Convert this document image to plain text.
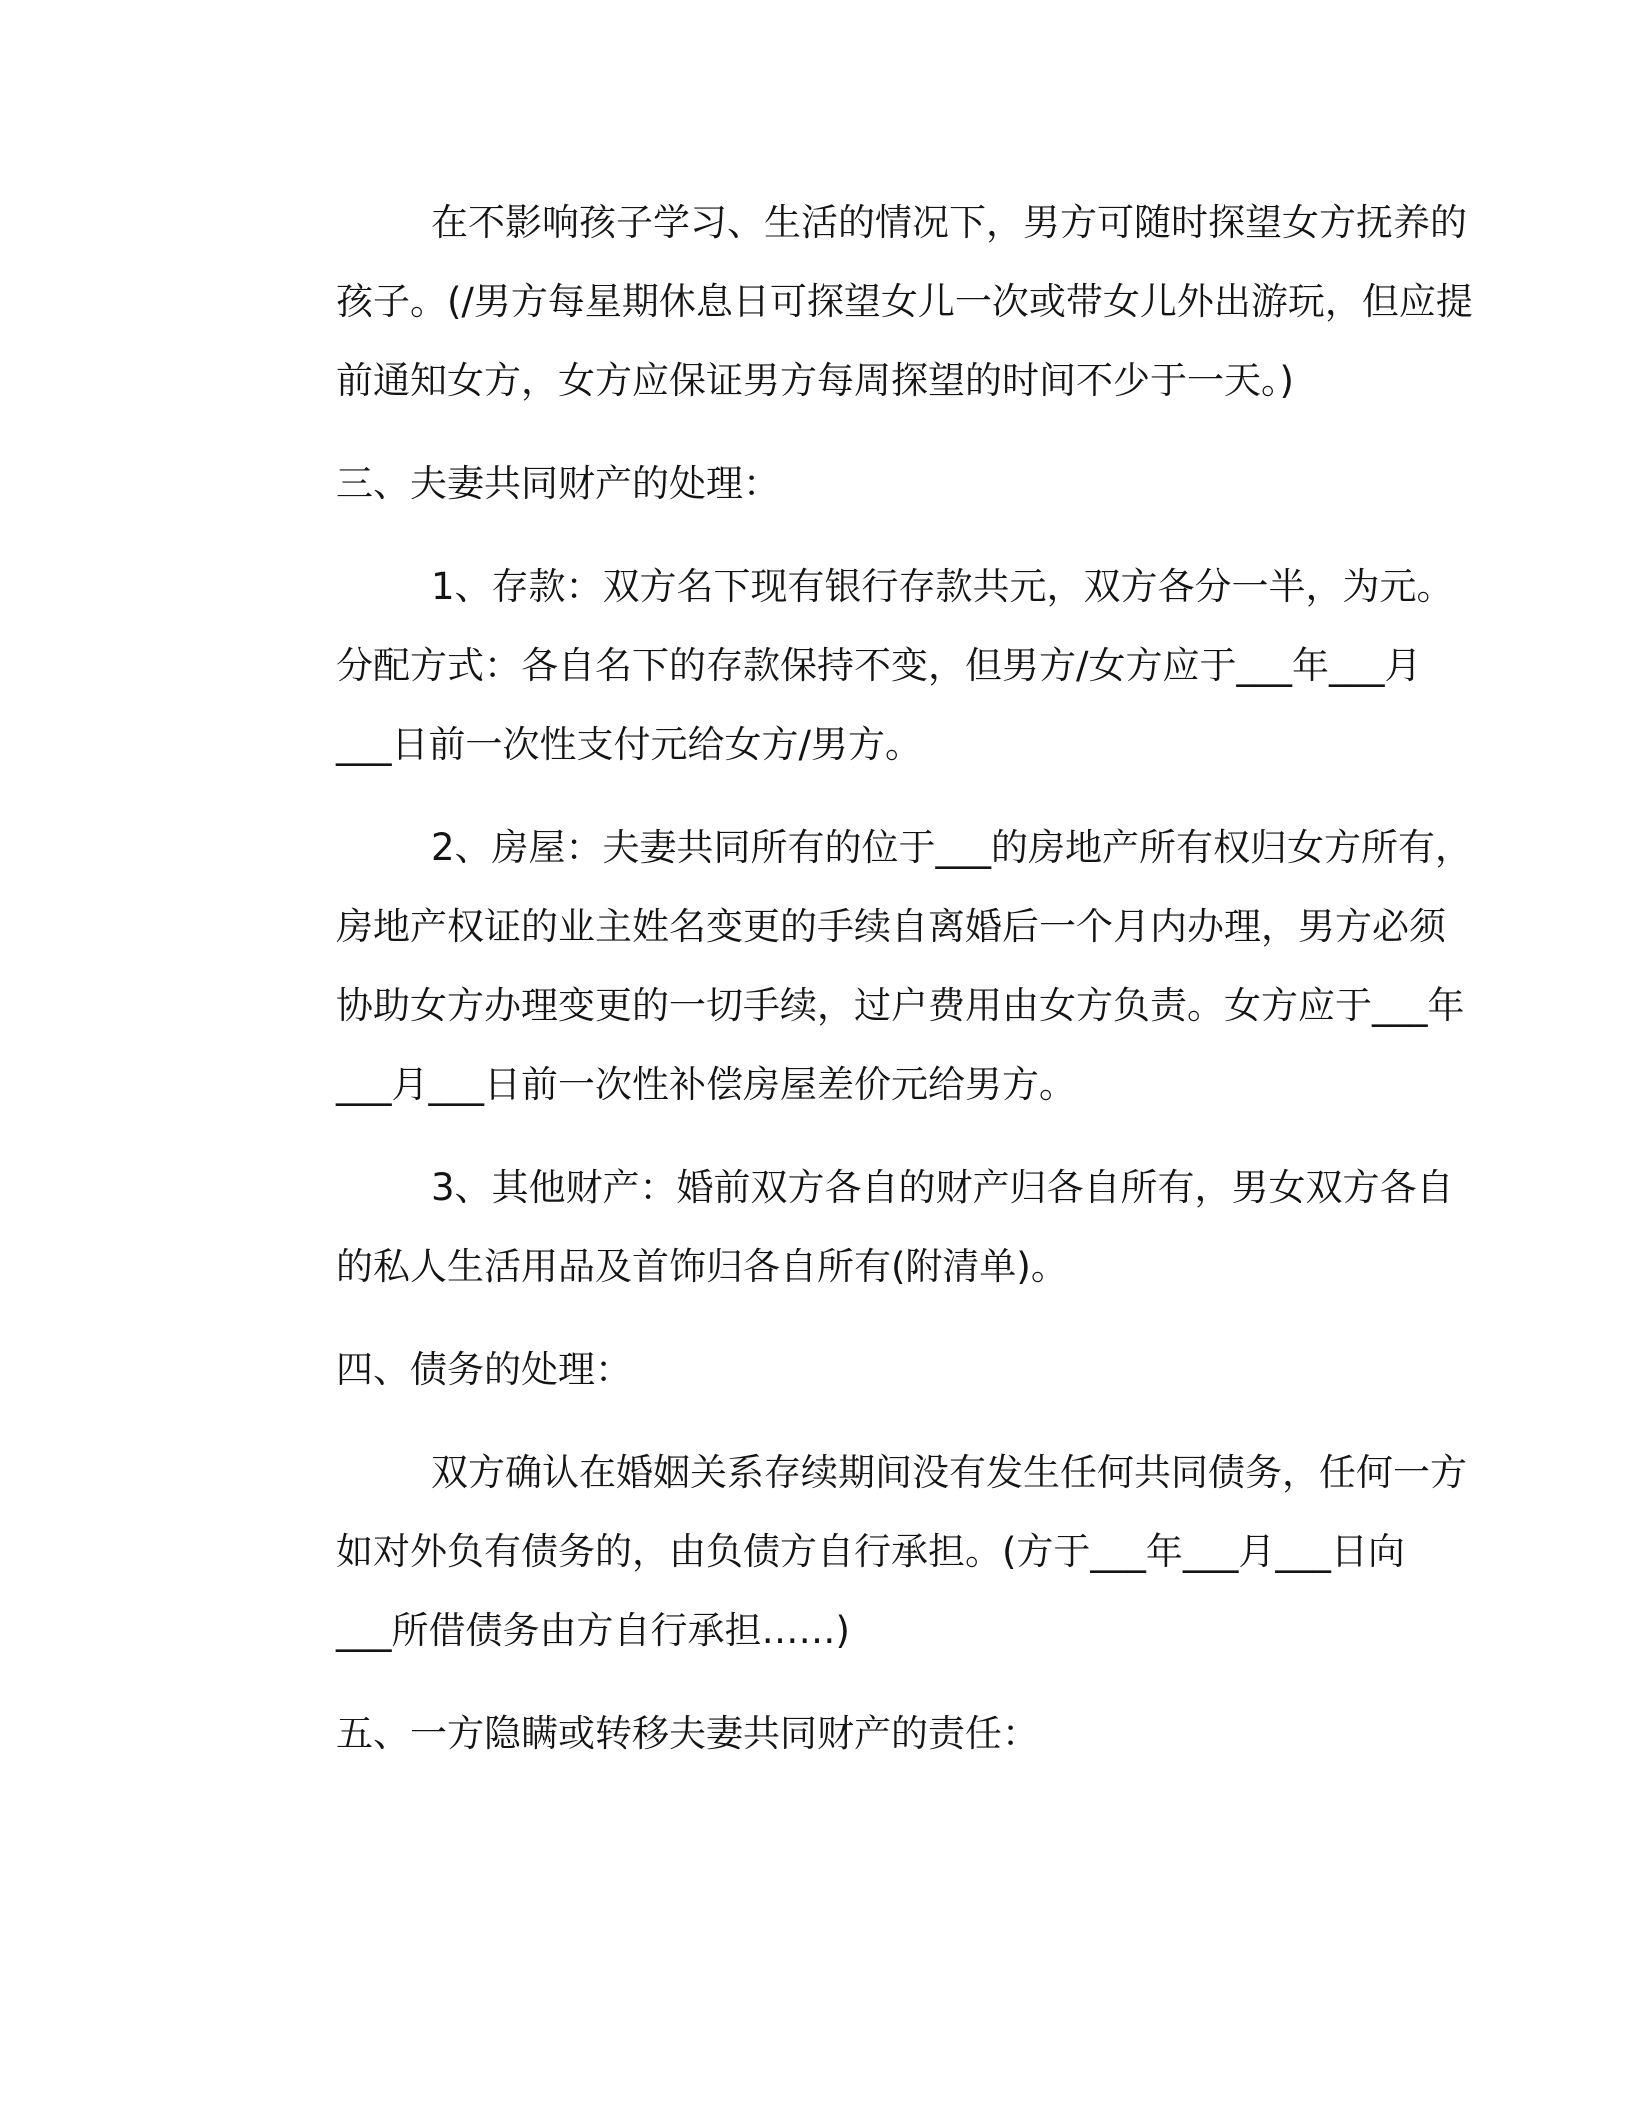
在不影响孩子学习、生活的情况下，男方可随时探望女方抚养的
孩子。(/男方每星期休息日可探望女儿一次或带女儿外出游玩，但应提
前通知女方，女方应保证男方每周探望的时间不少于一天。)
三、夫妻共同财产的处理：
1、存款：双方名下现有银行存款共元，双方各分一半，为元。
分配方式：各自名下的存款保持不变，但男方/女方应于___年___月
___日前一次性支付元给女方/男方。
2、房屋：夫妻共同所有的位于___的房地产所有权归女方所有，
房地产权证的业主姓名变更的手续自离婚后一个月内办理，男方必须
协助女方办理变更的一切手续，过户费用由女方负责。女方应于___年
___月___日前一次性补偿房屋差价元给男方。
3、其他财产：婚前双方各自的财产归各自所有，男女双方各自
的私人生活用品及首饰归各自所有(附清单)。
四、债务的处理：
双方确认在婚姻关系存续期间没有发生任何共同债务，任何一方
如对外负有债务的，由负债方自行承担。(方于___年___月___日向
___所借债务由方自行承担……)
五、一方隐瞒或转移夫妻共同财产的责任：
